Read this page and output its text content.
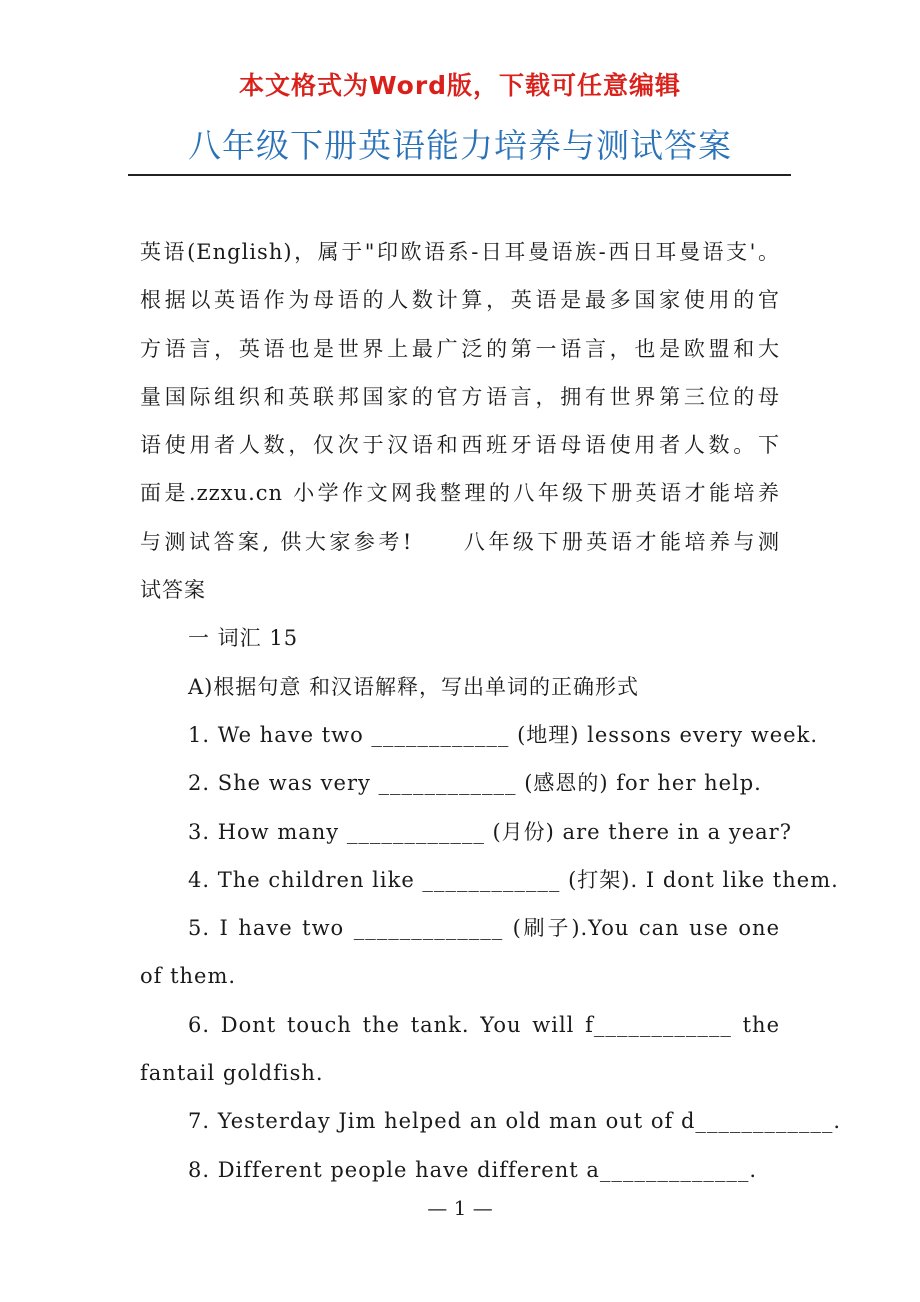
本文格式为Word版，下载可任意编辑
八年级下册英语能力培养与测试答案
英语(English)，属于"印欧语系-日耳曼语族-西日耳曼语支'。
根据以英语作为母语的人数计算，英语是最多国家使用的官
方语言，英语也是世界上最广泛的第一语言，也是欧盟和大
量国际组织和英联邦国家的官方语言，拥有世界第三位的母
语使用者人数，仅次于汉语和西班牙语母语使用者人数。下
面是.zzxu.cn 小学作文网我整理的八年级下册英语才能培养
与测试答案, 供大家参考!　　八年级下册英语才能培养与测
试答案
一 词汇 15
A)根据句意 和汉语解释，写出单词的正确形式
1. We have two ____________ (地理) lessons every week.
2. She was very ____________ (感恩的) for her help.
3. How many ____________ (月份) are there in a year?
4. The children like ____________ (打架). I dont like them.
5. I have two _____________ (刷子).You can use one of them.
6. Dont touch the tank. You will f____________ the fantail goldfish.
7. Yesterday Jim helped an old man out of d____________.
8. Different people have different a_____________.
— 1 —
